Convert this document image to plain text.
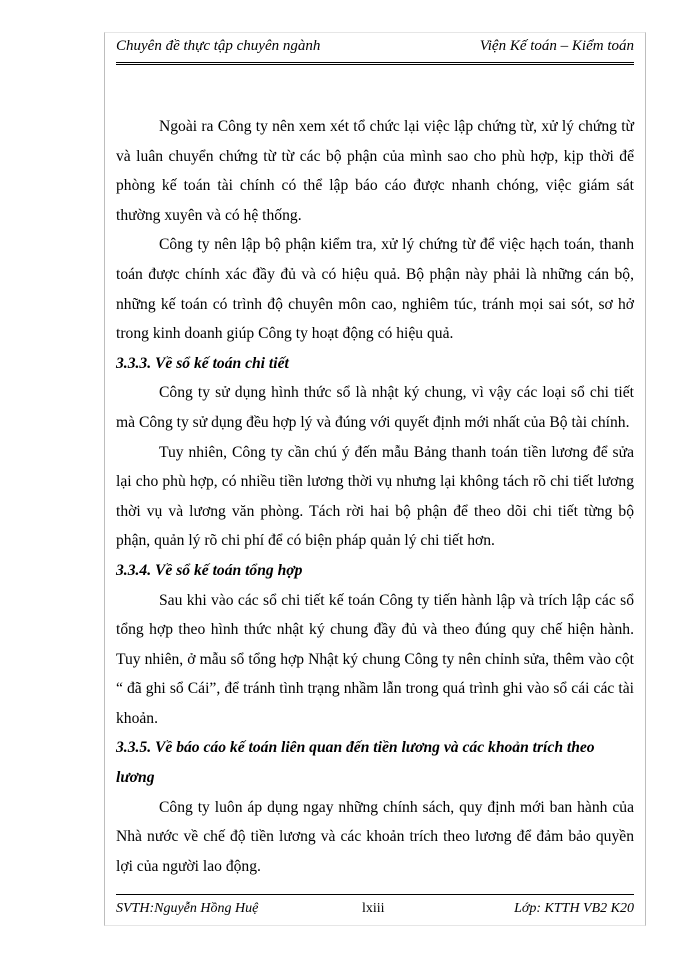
Chuyên đề thực tập chuyên ngành	Viện Kế toán – Kiểm toán

Ngoài ra Công ty nên xem xét tổ chức lại việc lập chứng từ, xử lý chứng từ và luân chuyển chứng từ từ các bộ phận của mình sao cho phù hợp, kịp thời để phòng kế toán tài chính có thể lập báo cáo được nhanh chóng, việc giám sát thường xuyên và có hệ thống.

Công ty nên lập bộ phận kiểm tra, xử lý chứng từ để việc hạch toán, thanh toán được chính xác đầy đủ và có hiệu quả. Bộ phận này phải là những cán bộ, những kế toán có trình độ chuyên môn cao, nghiêm túc, tránh mọi sai sót, sơ hở trong kinh doanh giúp Công ty hoạt động có hiệu quả.

3.3.3. Về sổ kế toán chi tiết

Công ty sử dụng hình thức sổ là nhật ký chung, vì vậy các loại sổ chi tiết mà Công ty sử dụng đều hợp lý và đúng với quyết định mới nhất của Bộ tài chính.

Tuy nhiên, Công ty cần chú ý đến mẫu Bảng thanh toán tiền lương để sửa lại cho phù hợp, có nhiều tiền lương thời vụ nhưng lại không tách rõ chi tiết lương thời vụ và lương văn phòng. Tách rời hai bộ phận để theo dõi chi tiết từng bộ phận, quản lý rõ chi phí để có biện pháp quản lý chi tiết hơn.

3.3.4. Về sổ kế toán tổng hợp

Sau khi vào các sổ chi tiết kế toán Công ty tiến hành lập và trích lập các sổ tổng hợp theo hình thức nhật ký chung đầy đủ và theo đúng quy chế hiện hành. Tuy nhiên, ở mẫu sổ tổng hợp Nhật ký chung Công ty nên chỉnh sửa, thêm vào cột “ đã ghi sổ Cái”, để tránh tình trạng nhầm lẫn trong quá trình ghi vào sổ cái các tài khoản.

3.3.5. Về báo cáo kế toán liên quan đến tiền lương và các khoản trích theo lương

Công ty luôn áp dụng ngay những chính sách, quy định mới ban hành của Nhà nước về chế độ tiền lương và các khoản trích theo lương để đảm bảo quyền lợi của người lao động.

SVTH:Nguyễn Hồng Huệ	lxiii	Lớp: KTTH VB2 K20
